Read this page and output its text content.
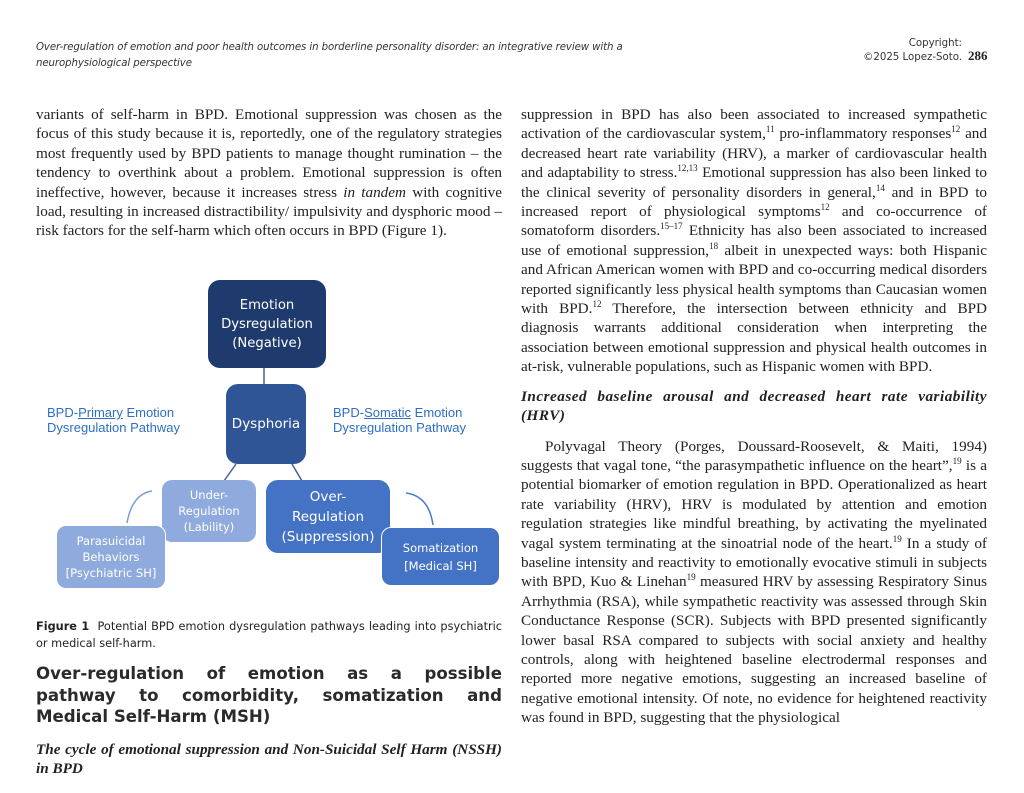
Over-regulation of emotion and poor health outcomes in borderline personality disorder: an integrative review with a neurophysiological perspective
Copyright:
©2025 Lopez-Soto. 286

variants of self-harm in BPD. Emotional suppression was chosen as the focus of this study because it is, reportedly, one of the regulatory strategies most frequently used by BPD patients to manage thought rumination – the tendency to overthink about a problem. Emotional suppression is often ineffective, however, because it increases stress in tandem with cognitive load, resulting in increased distractibility/ impulsivity and dysphoric mood – risk factors for the self-harm which often occurs in BPD (Figure 1).

Emotion
Dysregulation
(Negative)
Dysphoria
Under-
Regulation
(Lability)
Over-
Regulation
(Suppression)
Parasuicidal
Behaviors
[Psychiatric SH]
Somatization
[Medical SH]
BPD-Primary Emotion
Dysregulation Pathway
BPD-Somatic Emotion
Dysregulation Pathway
Figure 1 Potential BPD emotion dysregulation pathways leading into psychiatric or medical self-harm.
Over-regulation of emotion as a possible pathway to comorbidity, somatization and Medical Self-Harm (MSH)
The cycle of emotional suppression and Non-Suicidal Self Harm (NSSH) in BPD

suppression in BPD has also been associated to increased sympathetic activation of the cardiovascular system,$^{11}$ pro-inflammatory responses$^{12}$ and decreased heart rate variability (HRV), a marker of cardiovascular health and adaptability to stress.$^{12,13}$ Emotional suppression has also been linked to the clinical severity of personality disorders in general,$^{14}$ and in BPD to increased report of physiological symptoms$^{12}$ and co-occurrence of somatoform disorders.$^{15-17}$ Ethnicity has also been associated to increased use of emotional suppression,$^{18}$ albeit in unexpected ways: both Hispanic and African American women with BPD and co-occurring medical disorders reported significantly less physical health symptoms than Caucasian women with BPD.$^{12}$ Therefore, the intersection between ethnicity and BPD diagnosis warrants additional consideration when interpreting the association between emotional suppression and physical health outcomes in at-risk, vulnerable populations, such as Hispanic women with BPD.

Increased baseline arousal and decreased heart rate variability (HRV)

Polyvagal Theory (Porges, Doussard-Roosevelt, & Maiti, 1994) suggests that vagal tone, “the parasympathetic influence on the heart”,$^{19}$ is a potential biomarker of emotion regulation in BPD. Operationalized as heart rate variability (HRV), HRV is modulated by attention and emotion regulation strategies like mindful breathing, by activating the myelinated vagal system terminating at the sinoatrial node of the heart.$^{19}$ In a study of baseline intensity and reactivity to emotionally evocative stimuli in subjects with BPD, Kuo & Linehan$^{19}$ measured HRV by assessing Respiratory Sinus Arrhythmia (RSA), while sympathetic reactivity was assessed through Skin Conductance Response (SCR). Subjects with BPD presented significantly lower basal RSA compared to subjects with social anxiety and healthy controls, along with heightened baseline electrodermal responses and reported more negative emotions, suggesting an increased baseline of negative emotional intensity. Of note, no evidence for heightened reactivity was found in BPD, suggesting that the physiological
